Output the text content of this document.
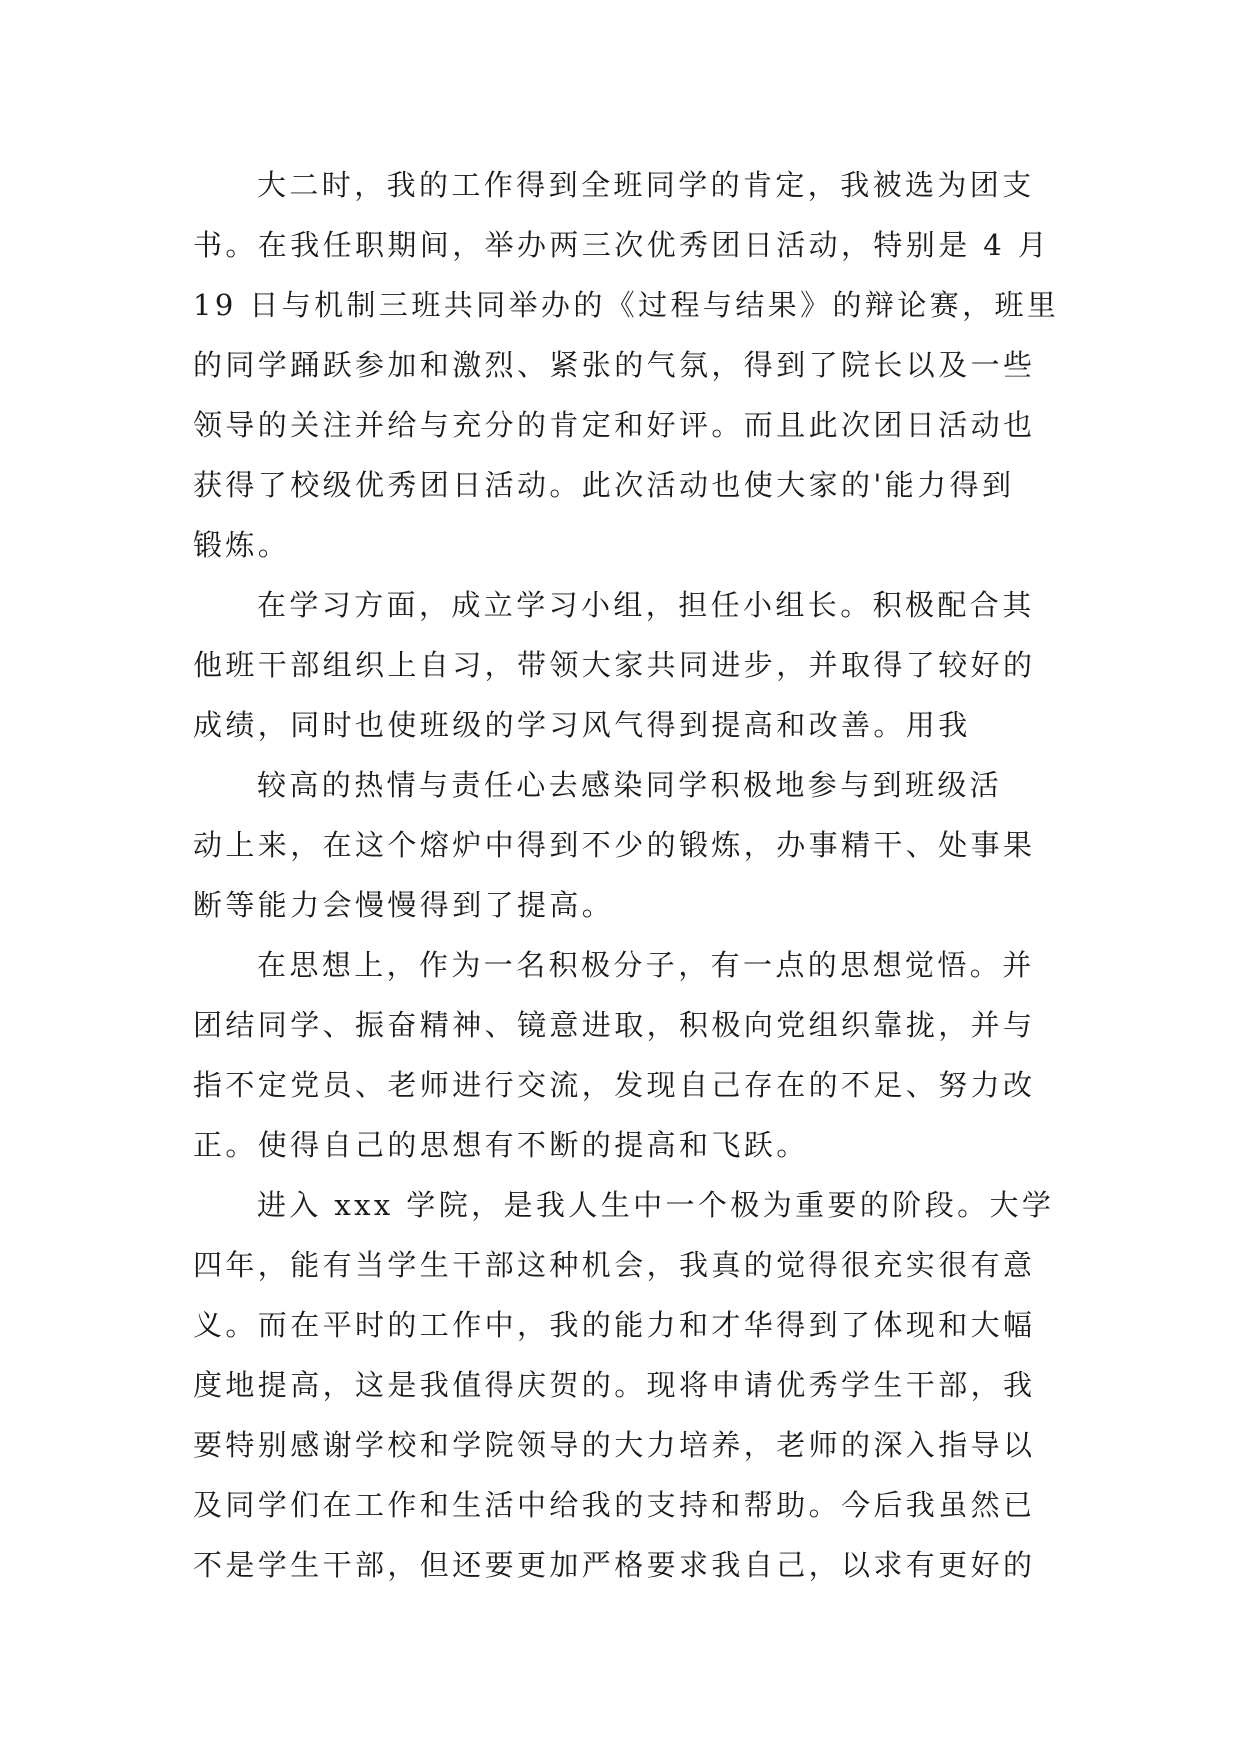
大二时，我的工作得到全班同学的肯定，我被选为团支
书。在我任职期间，举办两三次优秀团日活动，特别是 4 月
19 日与机制三班共同举办的《过程与结果》的辩论赛，班里
的同学踊跃参加和激烈、紧张的气氛，得到了院长以及一些
领导的关注并给与充分的肯定和好评。而且此次团日活动也
获得了校级优秀团日活动。此次活动也使大家的'能力得到
锻炼。
在学习方面，成立学习小组，担任小组长。积极配合其
他班干部组织上自习，带领大家共同进步，并取得了较好的
成绩，同时也使班级的学习风气得到提高和改善。用我
较高的热情与责任心去感染同学积极地参与到班级活
动上来，在这个熔炉中得到不少的锻炼，办事精干、处事果
断等能力会慢慢得到了提高。
在思想上，作为一名积极分子，有一点的思想觉悟。并
团结同学、振奋精神、镜意进取，积极向党组织靠拢，并与
指不定党员、老师进行交流，发现自己存在的不足、努力改
正。使得自己的思想有不断的提高和飞跃。
进入 xxx 学院，是我人生中一个极为重要的阶段。大学
四年，能有当学生干部这种机会，我真的觉得很充实很有意
义。而在平时的工作中，我的能力和才华得到了体现和大幅
度地提高，这是我值得庆贺的。现将申请优秀学生干部，我
要特别感谢学校和学院领导的大力培养，老师的深入指导以
及同学们在工作和生活中给我的支持和帮助。今后我虽然已
不是学生干部，但还要更加严格要求我自己，以求有更好的
